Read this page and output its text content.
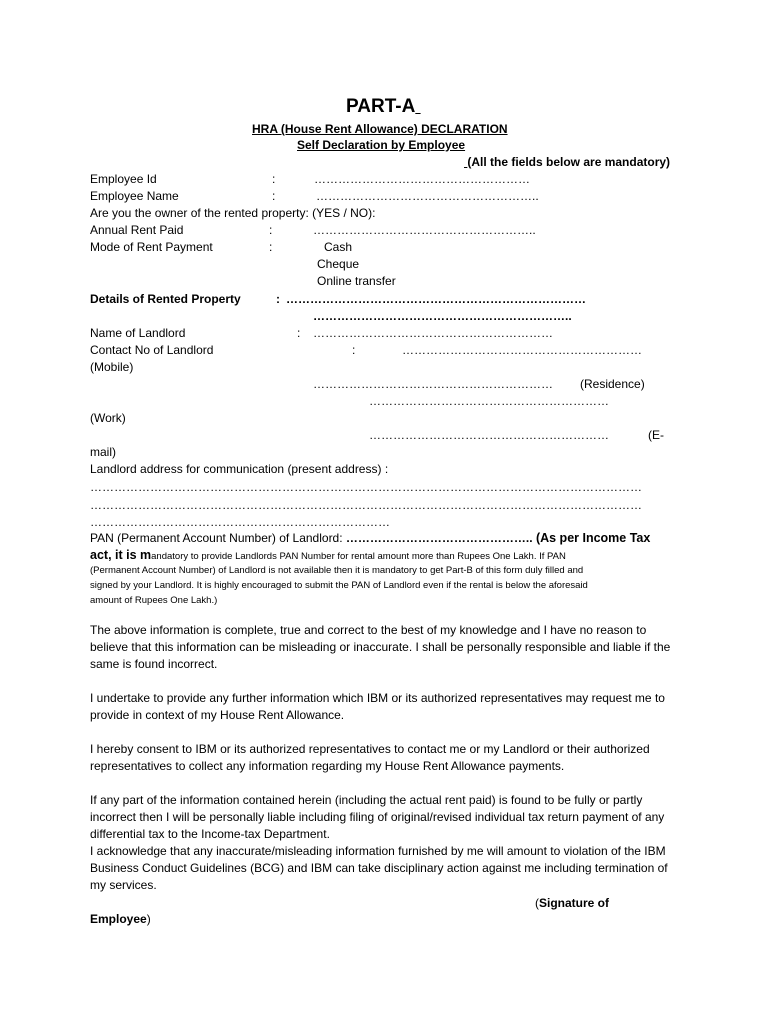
PART-A
HRA (House Rent Allowance) DECLARATION
Self Declaration by Employee
(All the fields below are mandatory)
Employee Id	:	………………………………………………
Employee Name	:	………………………………………………..
Are you the owner of the rented property: (YES / NO):
Annual Rent Paid	:	………………………………………………..
Mode of Rent Payment	:	Cash
Cheque
Online transfer
Details of Rented Property	: …………………………………………………………………
………………………………………………………..
Name of Landlord	: ……………………………………………………
Contact No of Landlord	:	……………………………………………………
(Mobile)
…………………………………………………… (Residence)
……………………………………………………
(Work)
……………………………………………………	(E-
mail)
Landlord address for communication (present address) :
…………………………………………………………………………………………………………………………
…………………………………………………………………………………………………………………………
…………………………………………………………………
PAN (Permanent Account Number) of Landlord: ……………………………………….. (As per Income Tax
act, it is mandatory to provide Landlords PAN Number for rental amount more than Rupees One Lakh. If PAN
(Permanent Account Number) of Landlord is not available then it is mandatory to get Part-B of this form duly filled and
signed by your Landlord. It is highly encouraged to submit the PAN of Landlord even if the rental is below the aforesaid
amount of Rupees One Lakh.)
The above information is complete, true and correct to the best of my knowledge and I have no reason to believe that this information can be misleading or inaccurate. I shall be personally responsible and liable if the same is found incorrect.
I undertake to provide any further information which IBM or its authorized representatives may request me to provide in context of my House Rent Allowance.
I hereby consent to IBM or its authorized representatives to contact me or my Landlord or their authorized representatives to collect any information regarding my House Rent Allowance payments.
If any part of the information contained herein (including the actual rent paid) is found to be fully or partly incorrect then I will be personally liable including filing of original/revised individual tax return payment of any differential tax to the Income-tax Department.
I acknowledge that any inaccurate/misleading information furnished by me will amount to violation of the IBM Business Conduct Guidelines (BCG) and IBM can take disciplinary action against me including termination of my services.
(Signature of
Employee)
